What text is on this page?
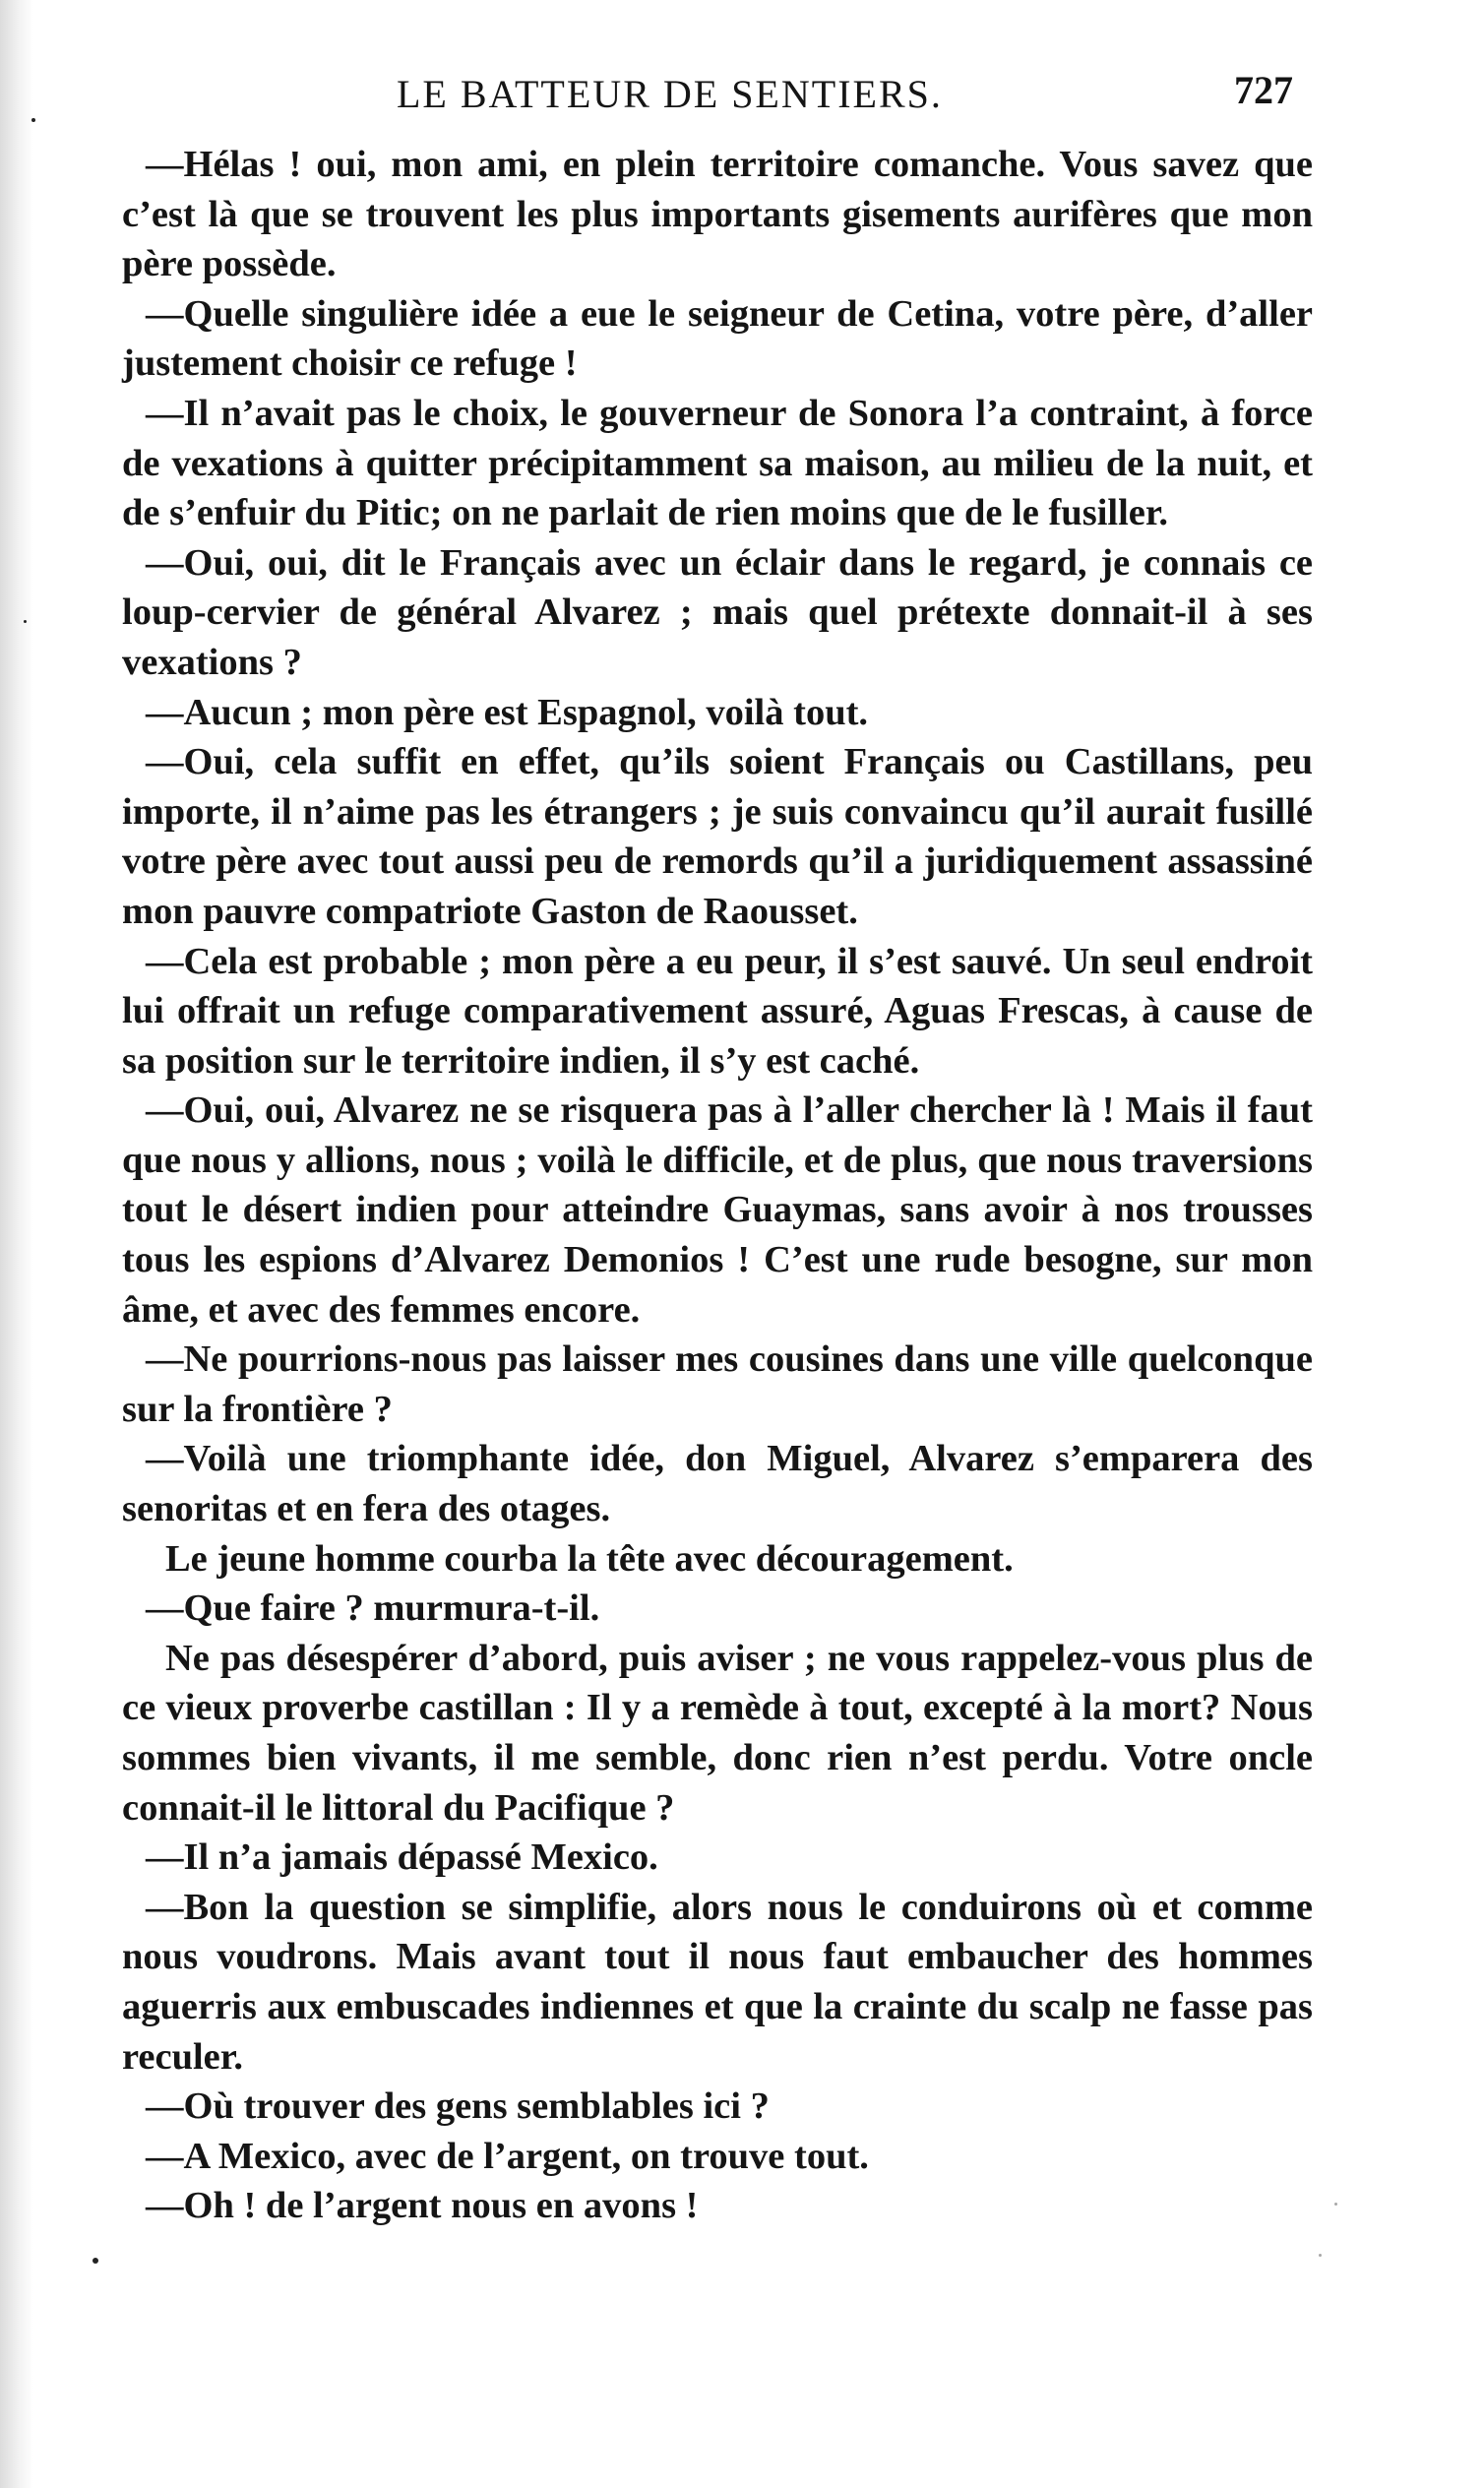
LE BATTEUR DE SENTIERS.	727

—Hélas ! oui, mon ami, en plein territoire comanche. Vous savez que c’est là que se trouvent les plus importants gisements aurifères que mon père possède.

—Quelle singulière idée a eue le seigneur de Cetina, votre père, d’aller justement choisir ce refuge !

—Il n’avait pas le choix, le gouverneur de Sonora l’a contraint, à force de vexations à quitter précipitamment sa maison, au milieu de la nuit, et de s’enfuir du Pitic; on ne parlait de rien moins que de le fusiller.

—Oui, oui, dit le Français avec un éclair dans le regard, je connais ce loup-cervier de général Alvarez ; mais quel prétexte donnait-il à ses vexations ?

—Aucun ; mon père est Espagnol, voilà tout.

—Oui, cela suffit en effet, qu’ils soient Français ou Castillans, peu importe, il n’aime pas les étrangers ; je suis convaincu qu’il aurait fusillé votre père avec tout aussi peu de remords qu’il a juridiquement assassiné mon pauvre compatriote Gaston de Raousset.

—Cela est probable ; mon père a eu peur, il s’est sauvé. Un seul endroit lui offrait un refuge comparativement assuré, Aguas Frescas, à cause de sa position sur le territoire indien, il s’y est caché.

—Oui, oui, Alvarez ne se risquera pas à l’aller chercher là ! Mais il faut que nous y allions, nous ; voilà le difficile, et de plus, que nous traversions tout le désert indien pour atteindre Guaymas, sans avoir à nos trousses tous les espions d’Alvarez Demonios ! C’est une rude besogne, sur mon âme, et avec des femmes encore.

—Ne pourrions-nous pas laisser mes cousines dans une ville quelconque sur la frontière ?

—Voilà une triomphante idée, don Miguel, Alvarez s’emparera des senoritas et en fera des otages.

Le jeune homme courba la tête avec découragement.

—Que faire ? murmura-t-il.

Ne pas désespérer d’abord, puis aviser ; ne vous rappelez-vous plus de ce vieux proverbe castillan : Il y a remède à tout, excepté à la mort? Nous sommes bien vivants, il me semble, donc rien n’est perdu. Votre oncle connait-il le littoral du Pacifique ?

—Il n’a jamais dépassé Mexico.

—Bon la question se simplifie, alors nous le conduirons où et comme nous voudrons. Mais avant tout il nous faut embaucher des hommes aguerris aux embuscades indiennes et que la crainte du scalp ne fasse pas reculer.

—Où trouver des gens semblables ici ?

—A Mexico, avec de l’argent, on trouve tout.

—Oh ! de l’argent nous en avons !
